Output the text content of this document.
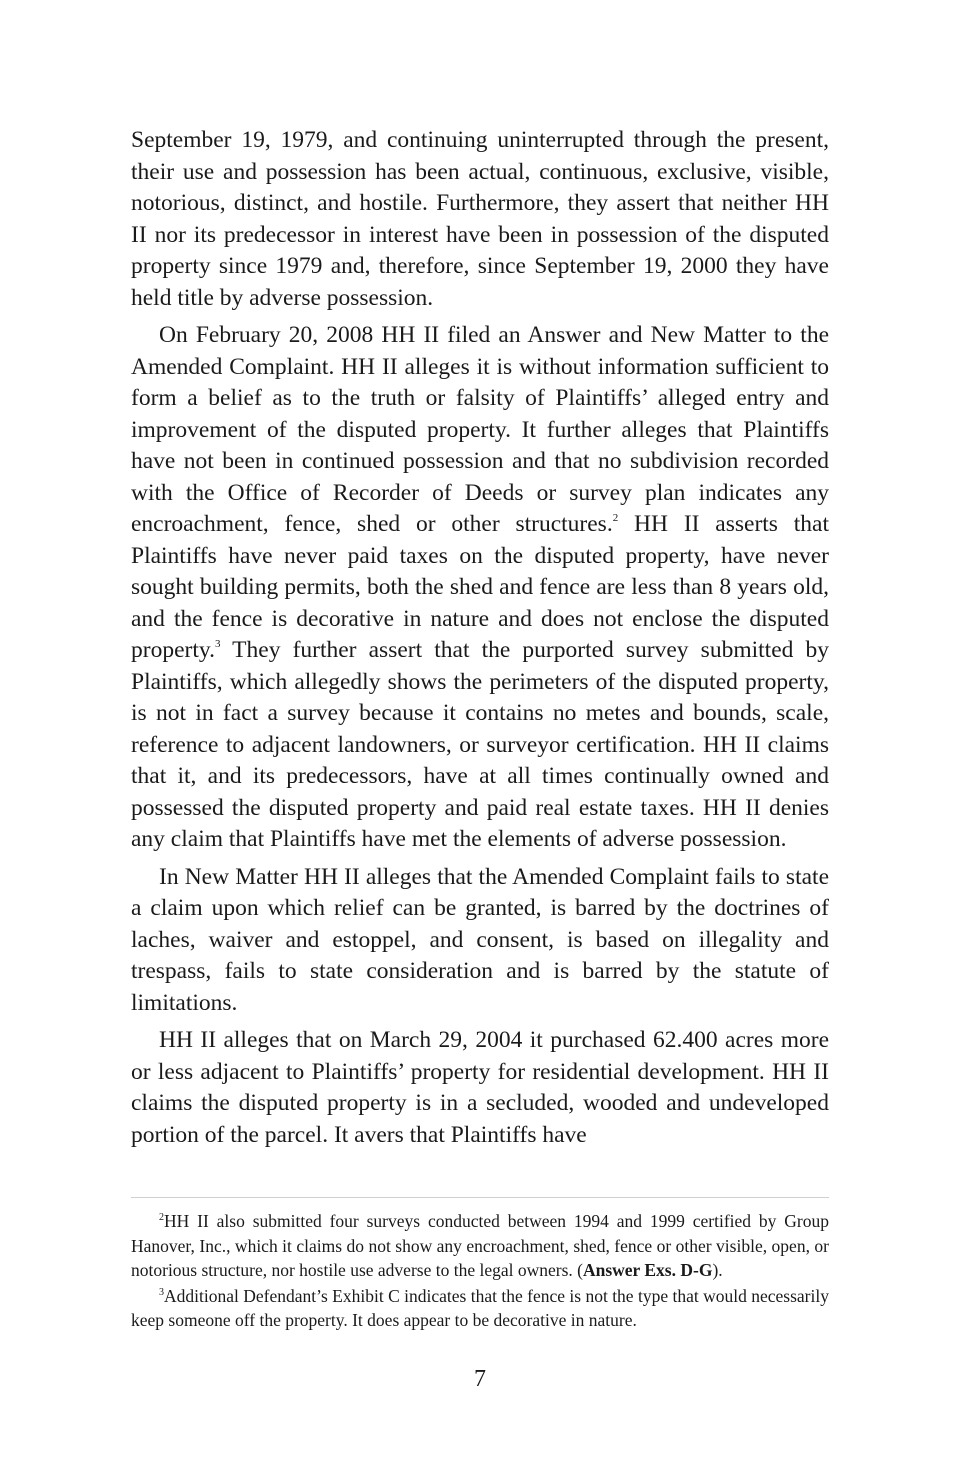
September 19, 1979, and continuing uninterrupted through the present, their use and possession has been actual, continuous, exclusive, visible, notorious, distinct, and hostile. Furthermore, they assert that neither HH II nor its predecessor in interest have been in possession of the disputed property since 1979 and, therefore, since September 19, 2000 they have held title by adverse possession.

On February 20, 2008 HH II filed an Answer and New Matter to the Amended Complaint. HH II alleges it is without information sufficient to form a belief as to the truth or falsity of Plaintiffs’ alleged entry and improvement of the disputed property. It further alleges that Plaintiffs have not been in continued possession and that no subdivision recorded with the Office of Recorder of Deeds or survey plan indicates any encroachment, fence, shed or other structures.$^2$ HH II asserts that Plaintiffs have never paid taxes on the disputed property, have never sought building permits, both the shed and fence are less than 8 years old, and the fence is decorative in nature and does not enclose the disputed property.$^3$ They further assert that the purported survey submitted by Plaintiffs, which allegedly shows the perimeters of the disputed property, is not in fact a survey because it contains no metes and bounds, scale, reference to adjacent landowners, or surveyor certification. HH II claims that it, and its predecessors, have at all times continually owned and possessed the disputed property and paid real estate taxes. HH II denies any claim that Plaintiffs have met the elements of adverse possession.

In New Matter HH II alleges that the Amended Complaint fails to state a claim upon which relief can be granted, is barred by the doctrines of laches, waiver and estoppel, and consent, is based on illegality and trespass, fails to state consideration and is barred by the statute of limitations.

HH II alleges that on March 29, 2004 it purchased 62.400 acres more or less adjacent to Plaintiffs’ property for residential development. HH II claims the disputed property is in a secluded, wooded and undeveloped portion of the parcel. It avers that Plaintiffs have

$^2$HH II also submitted four surveys conducted between 1994 and 1999 certified by Group Hanover, Inc., which it claims do not show any encroachment, shed, fence or other visible, open, or notorious structure, nor hostile use adverse to the legal owners. (Answer Exs. D-G).

$^3$Additional Defendant’s Exhibit C indicates that the fence is not the type that would necessarily keep someone off the property. It does appear to be decorative in nature.

7
